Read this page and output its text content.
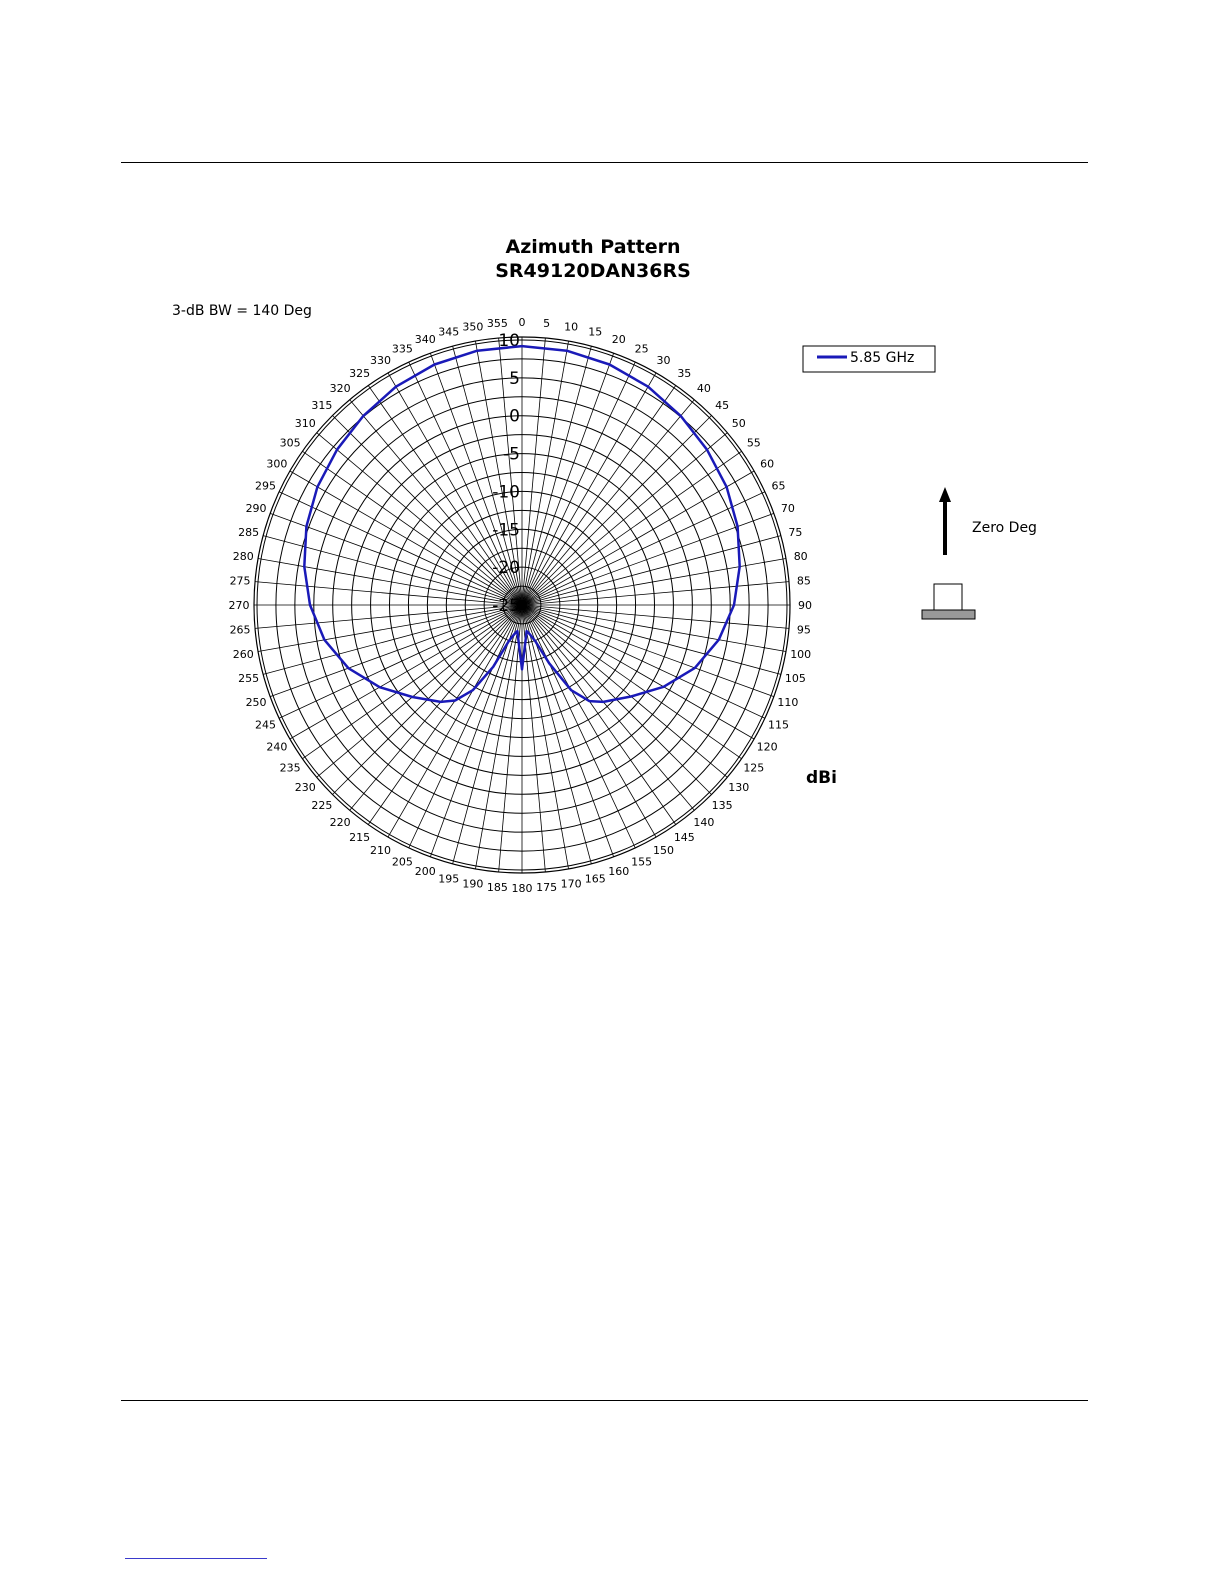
Azimuth Pattern
SR49120DAN36RS
3-dB BW = 140 Deg
0 5 10 15
20
25
30
35
40
45
50
55
60
65
70
75
80
85
90
95
100
105
110
115
120
125
130
135
140
145
150
155
160
165
170
175
180
185
190
195
200
205
210
215
220
225
230
235
240
245
250
255
260
265
270
275
280
285
290
295
300
305
310
315
320
325
330
335
340
345 350 355
10
5
0
-5
-10
-15
-20
-25
dBi
5.85 GHz
Zero Deg
